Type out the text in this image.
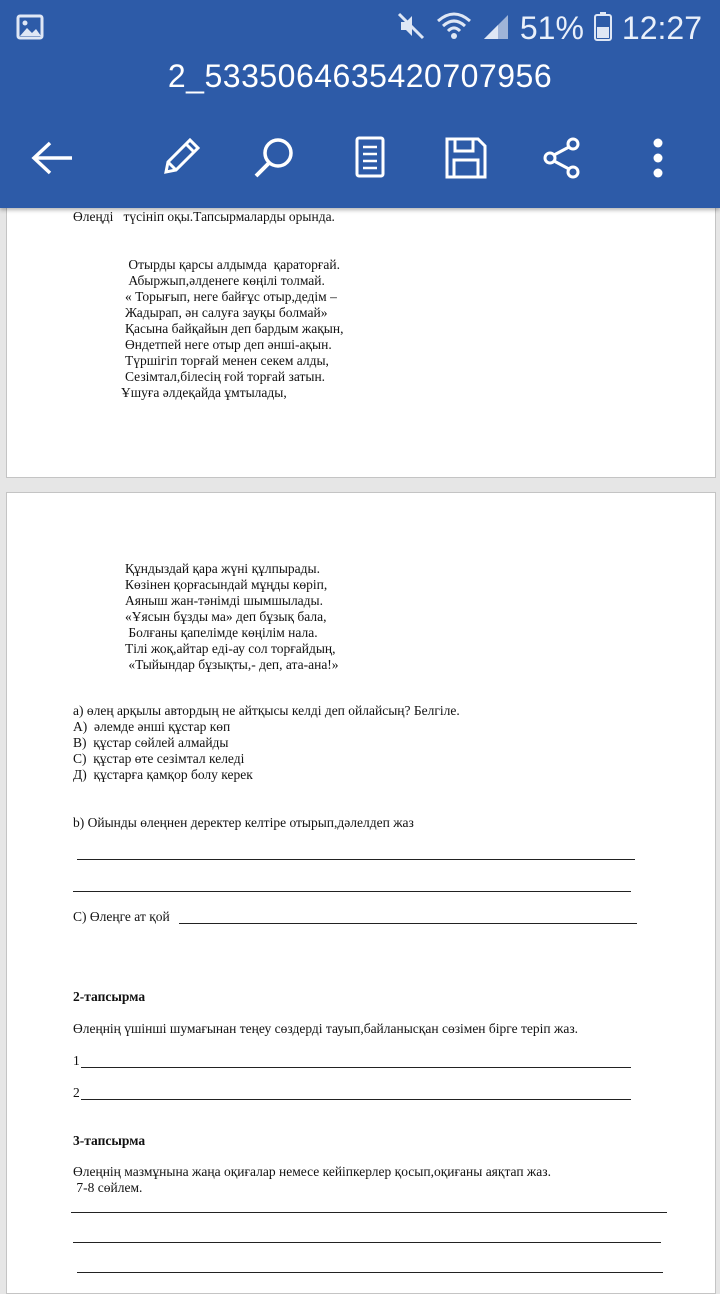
51% 12:27
2_5335064635420707956
Өлеңді   түсініп оқы.Тапсырмаларды орында.
Отырды қарсы алдымда  қараторғай.
Абыржып,әлденеге көңілі толмай.
« Торығып, неге байғұс отыр,дедім –
Жадырап, ән салуға зауқы болмай»
Қасына байқайын деп бардым жақын,
Өндетпей неге отыр деп әнші-ақын.
Түршігіп торғай менен секем алды,
Сезімтал,білесің ғой торғай затын.
Ұшуға әлдеқайда ұмтылады,
Құндыздай қара жүні құлпырады.
Көзінен қорғасындай мұңды көріп,
Аяныш жан-тәнімді шымшылады.
«Ұясын бұзды ма» деп бұзық бала,
Болғаны қапелімде көңілім нала.
Тілі жоқ,айтар еді-ау сол торғайдың,
«Тыйындар бұзықты,- деп, ата-ана!»
а) өлең арқылы автордың не айтқысы келді деп ойлайсың? Белгіле.
А)  әлемде әнші құстар көп
В)  құстар сөйлей алмайды
С)  құстар өте сезімтал келеді
Д)  құстарға қамқор болу керек
b) Ойынды өлеңнен деректер келтіре отырып,дәлелдеп жаз
С) Өлеңге ат қой
2-тапсырма
Өлеңнің үшінші шумағынан теңеу сөздерді тауып,байланысқан сөзімен бірге теріп жаз.
1
2
3-тапсырма
Өлеңнің мазмұнына жаңа оқиғалар немесе кейіпкерлер қосып,оқиғаны аяқтап жаз.
7-8 сөйлем.
